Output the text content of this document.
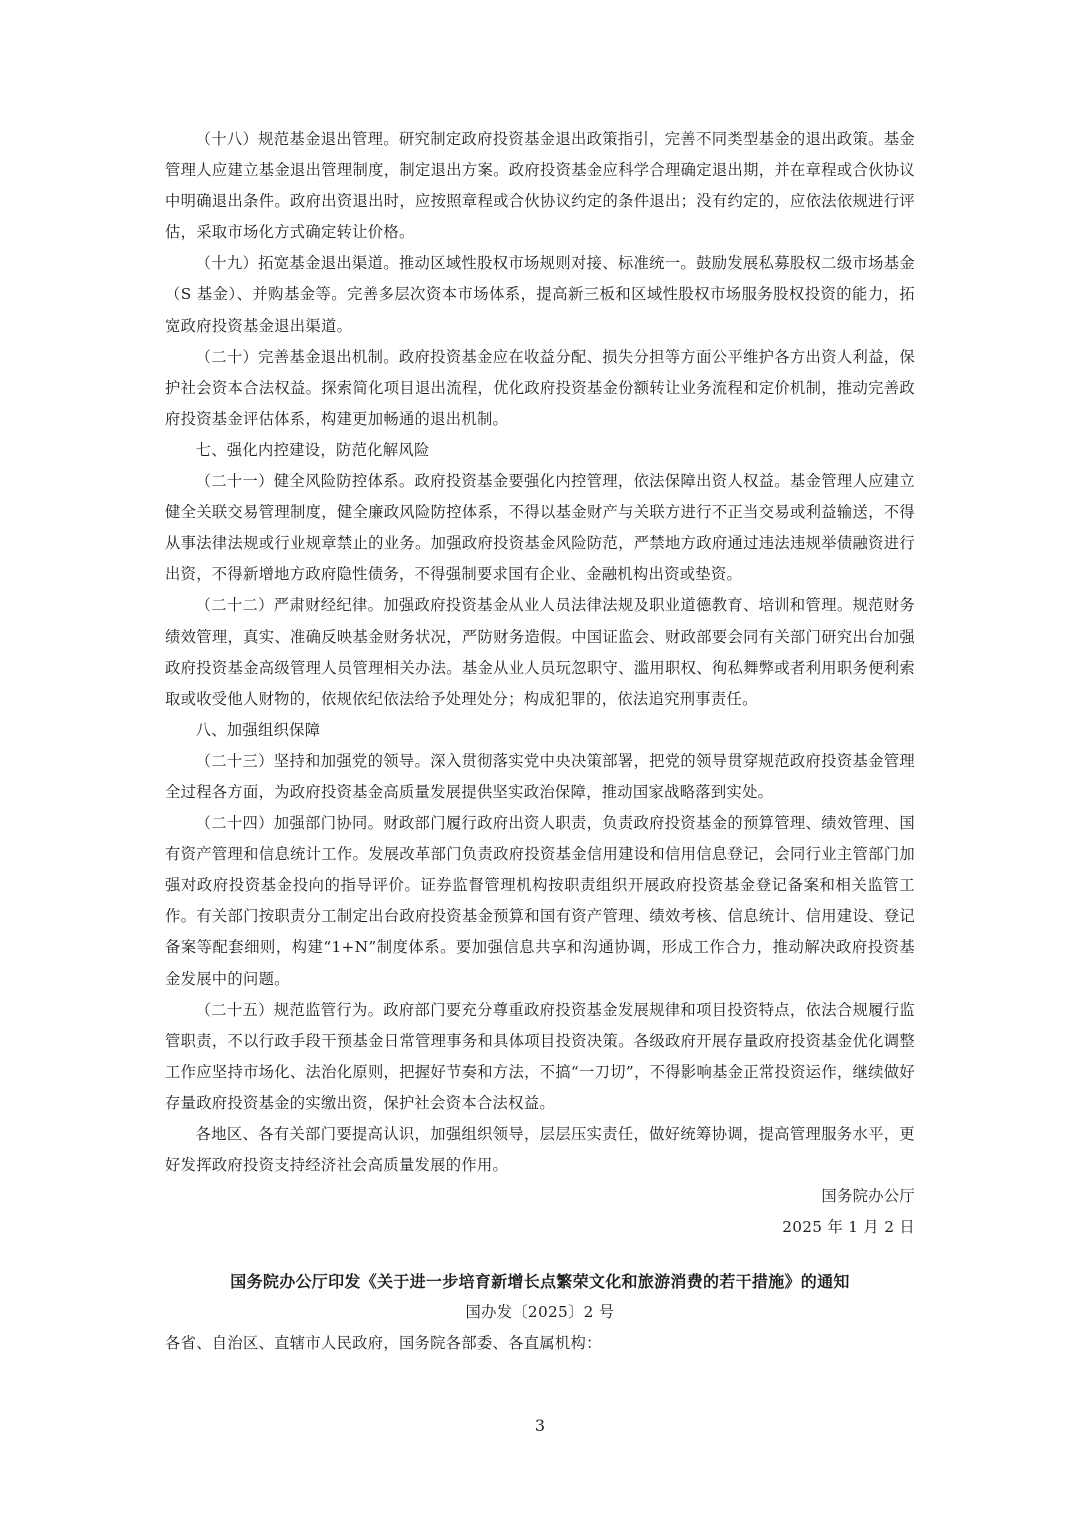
（十八）规范基金退出管理。研究制定政府投资基金退出政策指引，完善不同类型基金的退出政策。基金管理人应建立基金退出管理制度，制定退出方案。政府投资基金应科学合理确定退出期，并在章程或合伙协议中明确退出条件。政府出资退出时，应按照章程或合伙协议约定的条件退出；没有约定的，应依法依规进行评估，采取市场化方式确定转让价格。

（十九）拓宽基金退出渠道。推动区域性股权市场规则对接、标准统一。鼓励发展私募股权二级市场基金（S 基金）、并购基金等。完善多层次资本市场体系，提高新三板和区域性股权市场服务股权投资的能力，拓宽政府投资基金退出渠道。

（二十）完善基金退出机制。政府投资基金应在收益分配、损失分担等方面公平维护各方出资人利益，保护社会资本合法权益。探索简化项目退出流程，优化政府投资基金份额转让业务流程和定价机制，推动完善政府投资基金评估体系，构建更加畅通的退出机制。

七、强化内控建设，防范化解风险

（二十一）健全风险防控体系。政府投资基金要强化内控管理，依法保障出资人权益。基金管理人应建立健全关联交易管理制度，健全廉政风险防控体系，不得以基金财产与关联方进行不正当交易或利益输送，不得从事法律法规或行业规章禁止的业务。加强政府投资基金风险防范，严禁地方政府通过违法违规举债融资进行出资，不得新增地方政府隐性债务，不得强制要求国有企业、金融机构出资或垫资。

（二十二）严肃财经纪律。加强政府投资基金从业人员法律法规及职业道德教育、培训和管理。规范财务绩效管理，真实、准确反映基金财务状况，严防财务造假。中国证监会、财政部要会同有关部门研究出台加强政府投资基金高级管理人员管理相关办法。基金从业人员玩忽职守、滥用职权、徇私舞弊或者利用职务便利索取或收受他人财物的，依规依纪依法给予处理处分；构成犯罪的，依法追究刑事责任。

八、加强组织保障

（二十三）坚持和加强党的领导。深入贯彻落实党中央决策部署，把党的领导贯穿规范政府投资基金管理全过程各方面，为政府投资基金高质量发展提供坚实政治保障，推动国家战略落到实处。

（二十四）加强部门协同。财政部门履行政府出资人职责，负责政府投资基金的预算管理、绩效管理、国有资产管理和信息统计工作。发展改革部门负责政府投资基金信用建设和信用信息登记，会同行业主管部门加强对政府投资基金投向的指导评价。证券监督管理机构按职责组织开展政府投资基金登记备案和相关监管工作。有关部门按职责分工制定出台政府投资基金预算和国有资产管理、绩效考核、信息统计、信用建设、登记备案等配套细则，构建“1+N”制度体系。要加强信息共享和沟通协调，形成工作合力，推动解决政府投资基金发展中的问题。

（二十五）规范监管行为。政府部门要充分尊重政府投资基金发展规律和项目投资特点，依法合规履行监管职责，不以行政手段干预基金日常管理事务和具体项目投资决策。各级政府开展存量政府投资基金优化调整工作应坚持市场化、法治化原则，把握好节奏和方法，不搞“一刀切”，不得影响基金正常投资运作，继续做好存量政府投资基金的实缴出资，保护社会资本合法权益。

各地区、各有关部门要提高认识，加强组织领导，层层压实责任，做好统筹协调，提高管理服务水平，更好发挥政府投资支持经济社会高质量发展的作用。

国务院办公厅

2025 年 1 月 2 日

国务院办公厅印发《关于进一步培育新增长点繁荣文化和旅游消费的若干措施》的通知

国办发〔2025〕2 号

各省、自治区、直辖市人民政府，国务院各部委、各直属机构：

3
